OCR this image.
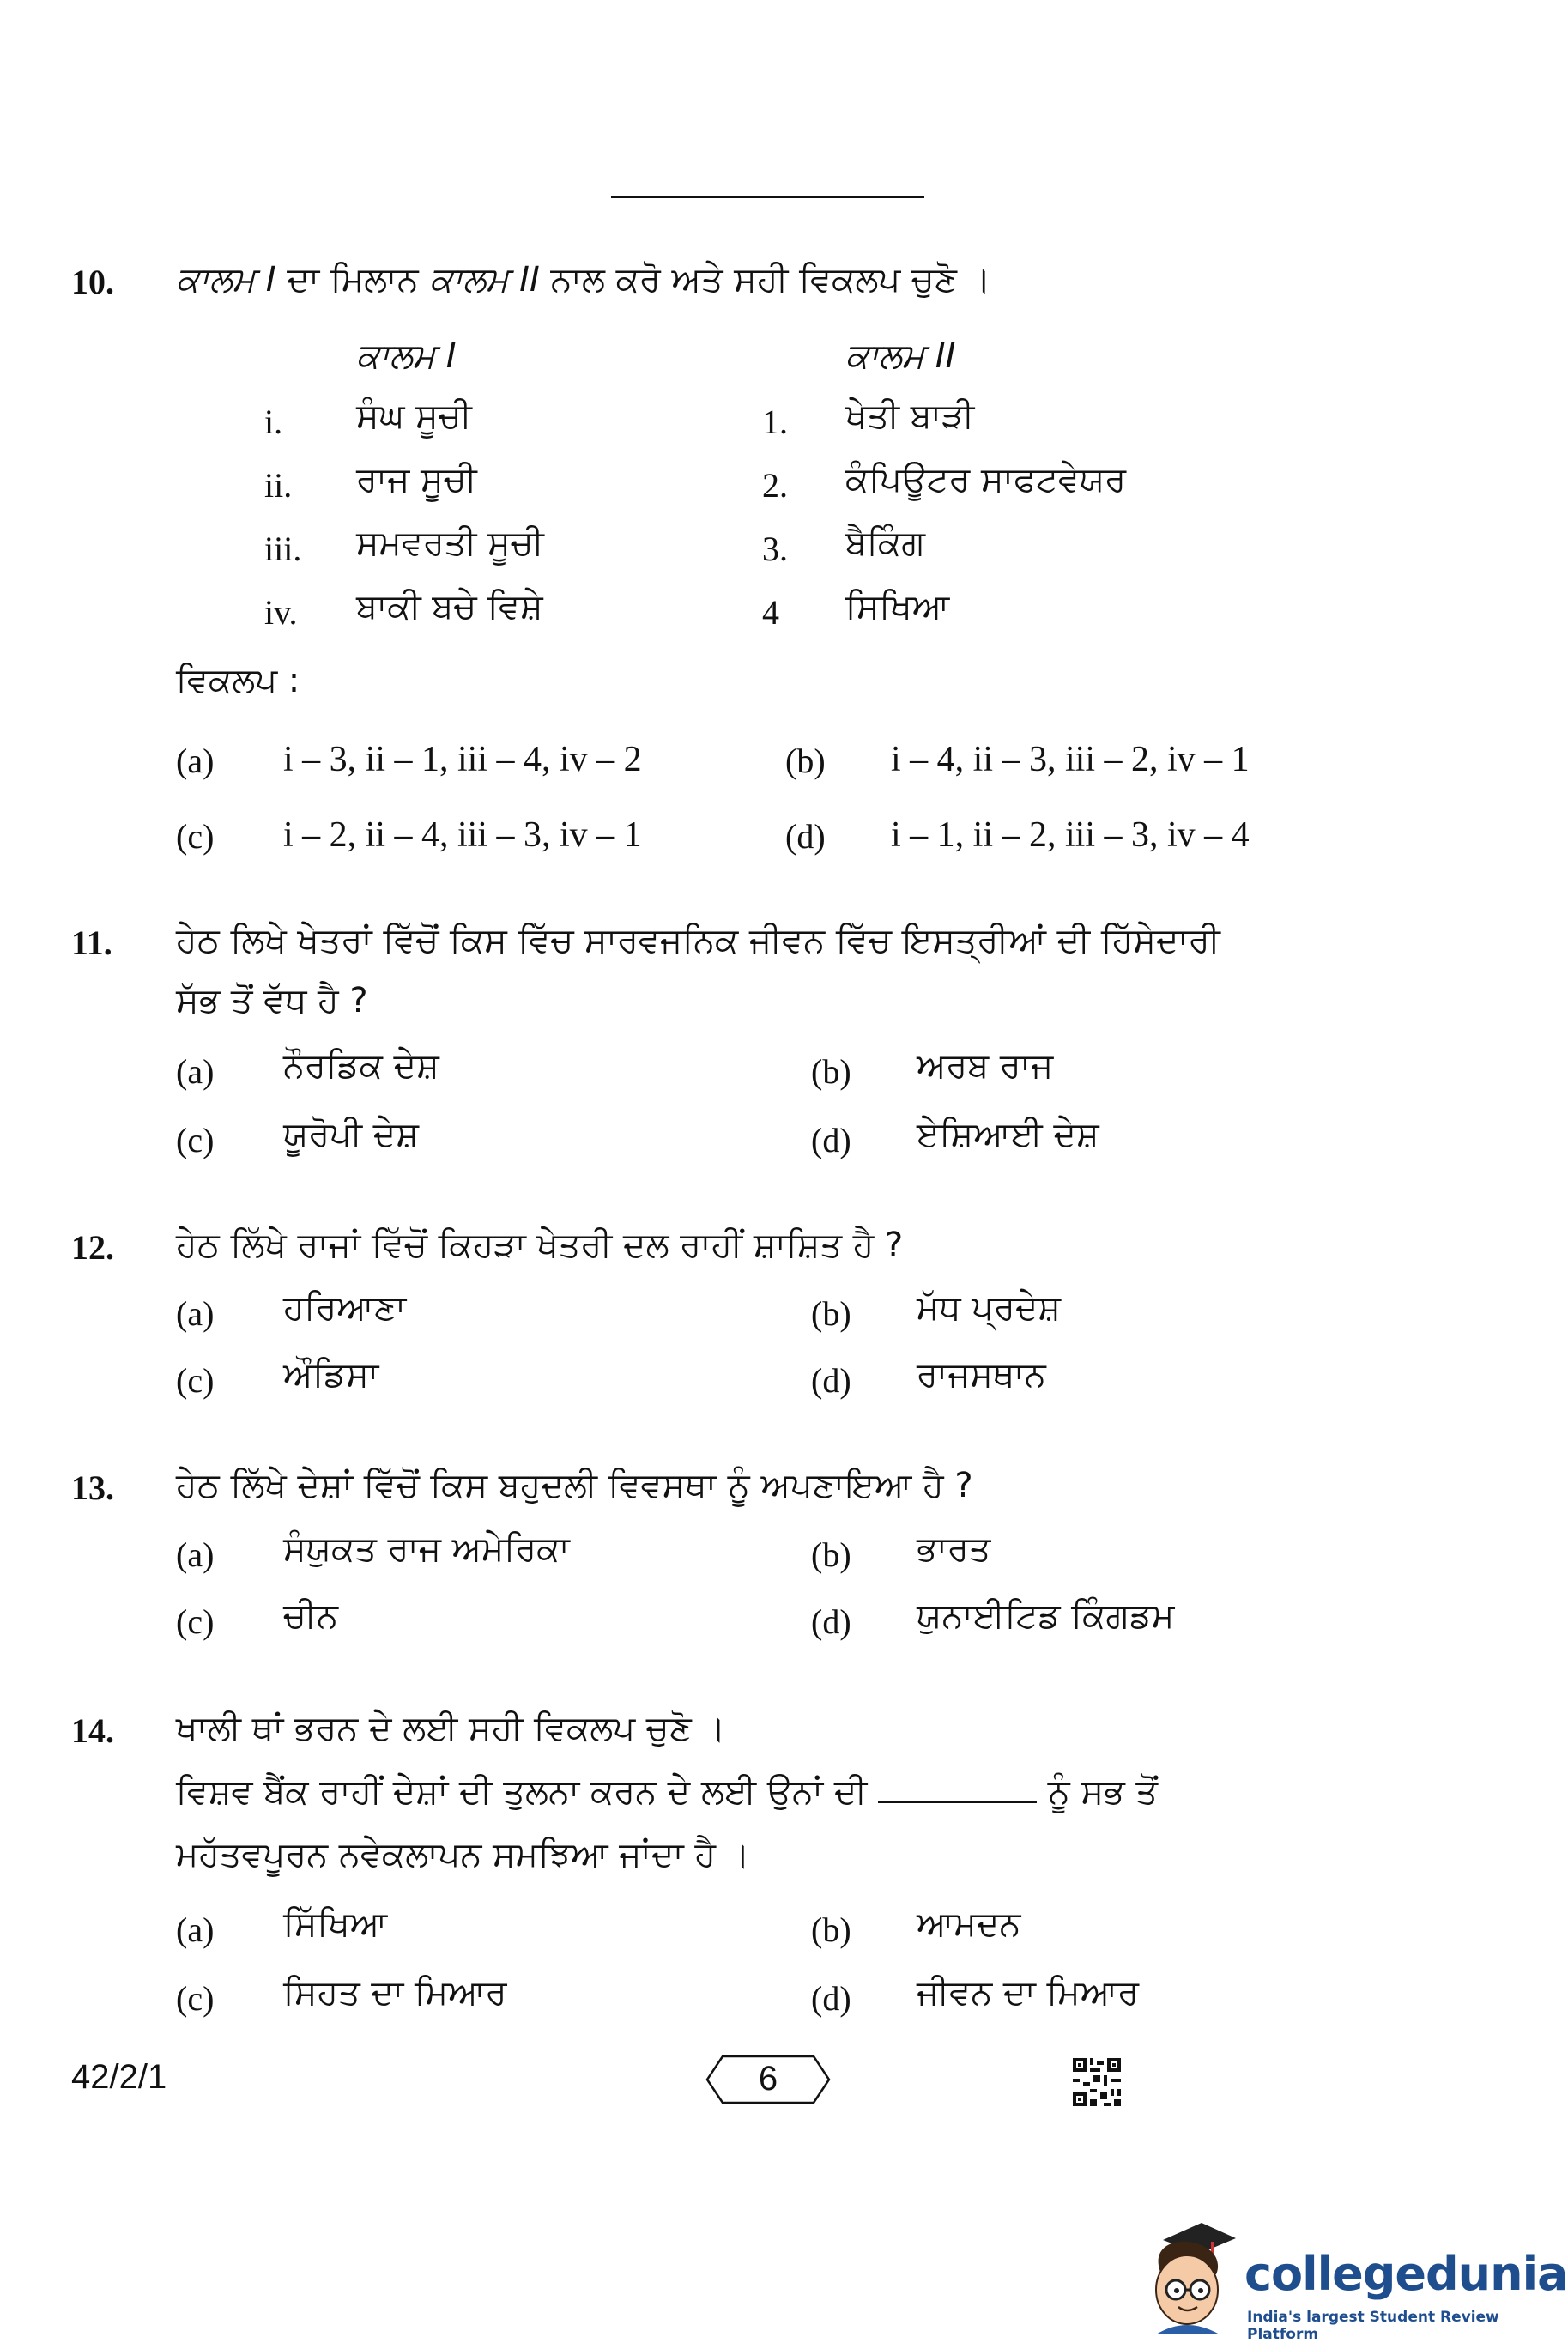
10. ਕਾਲਮ I ਦਾ ਮਿਲਾਨ ਕਾਲਮ II ਨਾਲ ਕਰੋ ਅਤੇ ਸਹੀ ਵਿਕਲਪ ਚੁਣੋ ।
ਕਾਲਮ I	ਕਾਲਮ II
i. ਸੰਘ ਸੂਚੀ	1. ਖੇਤੀ ਬਾੜੀ
ii. ਰਾਜ ਸੂਚੀ	2. ਕੰਪਿਊਟਰ ਸਾਫਟਵੇਯਰ
iii. ਸਮਵਰਤੀ ਸੂਚੀ	3. ਬੈਕਿੰਗ
iv. ਬਾਕੀ ਬਚੇ ਵਿਸ਼ੇ	4 ਸਿਖਿਆ
ਵਿਕਲਪ :
(a) i – 3, ii – 1, iii – 4, iv – 2	(b) i – 4, ii – 3, iii – 2, iv – 1
(c) i – 2, ii – 4, iii – 3, iv – 1	(d) i – 1, ii – 2, iii – 3, iv – 4
11. ਹੇਠ ਲਿਖੇ ਖੇਤਰਾਂ ਵਿੱਚੋਂ ਕਿਸ ਵਿੱਚ ਸਾਰਵਜਨਿਕ ਜੀਵਨ ਵਿੱਚ ਇਸਤ੍ਰੀਆਂ ਦੀ ਹਿੱਸੇਦਾਰੀ
ਸੱਭ ਤੋਂ ਵੱਧ ਹੈ ?
(a) ਨੌਰਡਿਕ ਦੇਸ਼	(b) ਅਰਬ ਰਾਜ
(c) ਯੂਰੋਪੀ ਦੇਸ਼	(d) ਏਸ਼ਿਆਈ ਦੇਸ਼
12. ਹੇਠ ਲਿੱਖੇ ਰਾਜਾਂ ਵਿੱਚੋਂ ਕਿਹੜਾ ਖੇਤਰੀ ਦਲ ਰਾਹੀਂ ਸ਼ਾਸ਼ਿਤ ਹੈ ?
(a) ਹਰਿਆਣਾ	(b) ਮੱਧ ਪ੍ਰਦੇਸ਼
(c) ਔਡਿਸਾ	(d) ਰਾਜਸਥਾਨ
13. ਹੇਠ ਲਿੱਖੇ ਦੇਸ਼ਾਂ ਵਿੱਚੋਂ ਕਿਸ ਬਹੁਦਲੀ ਵਿਵਸਥਾ ਨੂੰ ਅਪਣਾਇਆ ਹੈ ?
(a) ਸੰਯੁਕਤ ਰਾਜ ਅਮੇਰਿਕਾ	(b) ਭਾਰਤ
(c) ਚੀਨ	(d) ਯੁਨਾਈਟਿਡ ਕਿੰਗਡਮ
14. ਖਾਲੀ ਥਾਂ ਭਰਨ ਦੇ ਲਈ ਸਹੀ ਵਿਕਲਪ ਚੁਣੋ ।
ਵਿਸ਼ਵ ਬੈਂਕ ਰਾਹੀਂ ਦੇਸ਼ਾਂ ਦੀ ਤੁਲਨਾ ਕਰਨ ਦੇ ਲਈ ਉਨਾਂ ਦੀ	ਨੂੰ ਸਭ ਤੋਂ
ਮਹੱਤਵਪੂਰਨ ਨਵੇਕਲਾਪਨ ਸਮਝਿਆ ਜਾਂਦਾ ਹੈ ।
(a) ਸਿੱਖਿਆ	(b) ਆਮਦਨ
(c) ਸਿਹਤ ਦਾ ਮਿਆਰ	(d) ਜੀਵਨ ਦਾ ਮਿਆਰ
42/2/1	6
collegedunia
India's largest Student Review Platform
